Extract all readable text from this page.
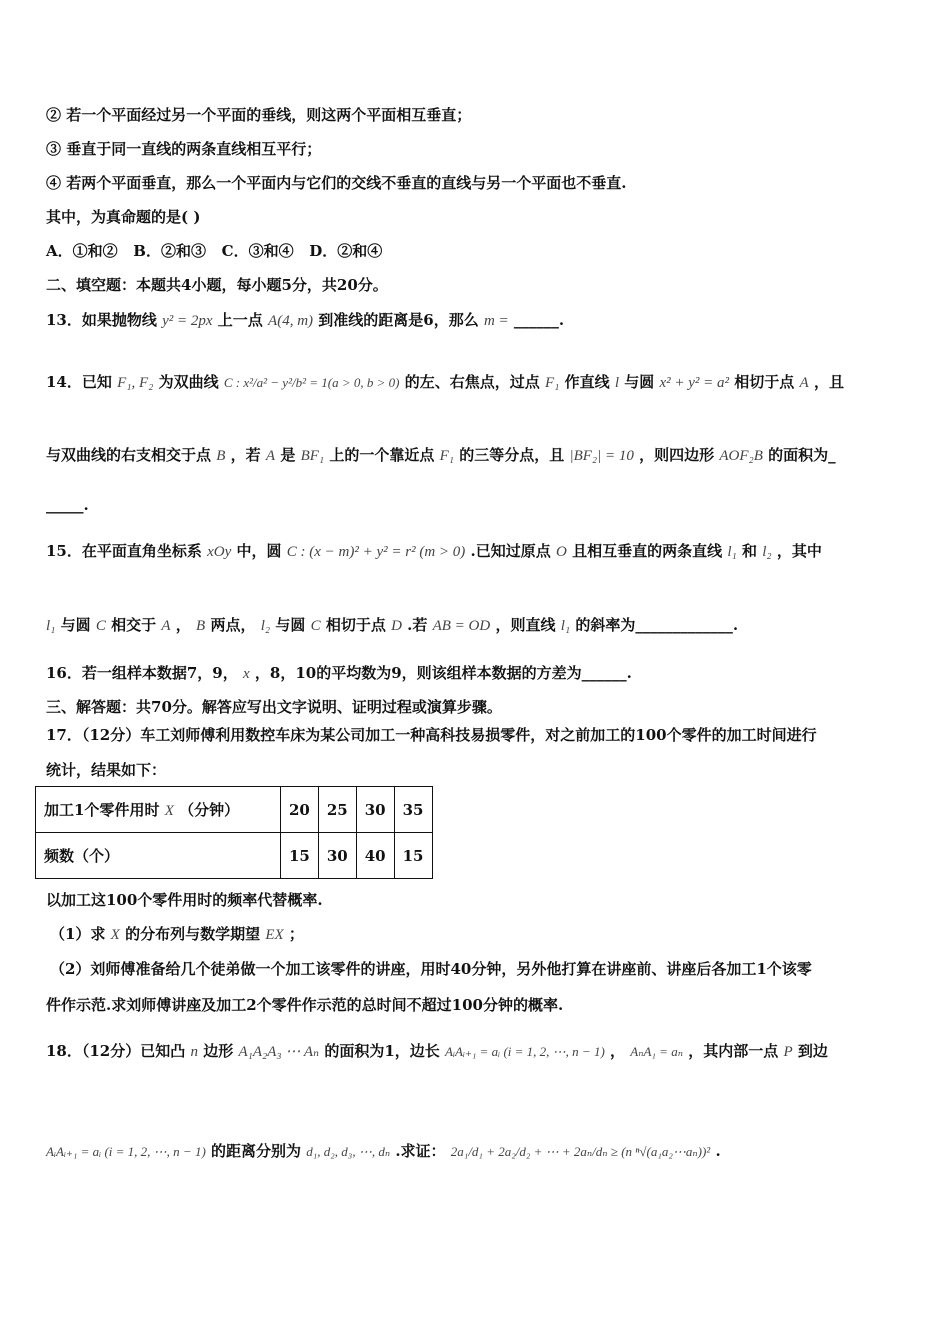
② 若一个平面经过另一个平面的垂线，则这两个平面相互垂直；
③ 垂直于同一直线的两条直线相互平行；
④ 若两个平面垂直，那么一个平面内与它们的交线不垂直的直线与另一个平面也不垂直.
其中，为真命题的是( )
A．①和②   B．②和③   C．③和④   D．②和④
二、填空题：本题共4小题，每小题5分，共20分。
13．如果抛物线 y² = 2px 上一点 A(4, m) 到准线的距离是6，那么 m = ______.
14．已知 F₁, F₂ 为双曲线 C : x²/a² − y²/b² = 1(a > 0, b > 0) 的左、右焦点，过点 F₁ 作直线 l 与圆 x² + y² = a² 相切于点 A ，且
与双曲线的右支相交于点 B ，若 A 是 BF₁ 上的一个靠近点 F₁ 的三等分点，且 |BF₂| = 10 ，则四边形 AOF₂B 的面积为_
_____.
15．在平面直角坐标系 xOy 中，圆 C : (x − m)² + y² = r² (m > 0) .已知过原点 O 且相互垂直的两条直线 l₁ 和 l₂ ，其中
l₁ 与圆 C 相交于 A ， B 两点， l₂ 与圆 C 相切于点 D .若 AB = OD ，则直线 l₁ 的斜率为_____________.
16．若一组样本数据7，9， x ，8，10的平均数为9，则该组样本数据的方差为______.
三、解答题：共70分。解答应写出文字说明、证明过程或演算步骤。
17．（12分）车工刘师傅利用数控车床为某公司加工一种高科技易损零件，对之前加工的100个零件的加工时间进行
统计，结果如下：
加工1个零件用时 X （分钟）	20	25	30	35
频数（个）	15	30	40	15
以加工这100个零件用时的频率代替概率.
（1）求 X 的分布列与数学期望 EX ；
（2）刘师傅准备给几个徒弟做一个加工该零件的讲座，用时40分钟，另外他打算在讲座前、讲座后各加工1个该零
件作示范.求刘师傅讲座及加工2个零件作示范的总时间不超过100分钟的概率.
18．（12分）已知凸 n 边形 A₁A₂A₃ ⋯ Aₙ 的面积为1，边长 AᵢAᵢ₊₁ = aᵢ (i = 1, 2, ⋯, n − 1) ， AₙA₁ = aₙ ，其内部一点 P 到边
AᵢAᵢ₊₁ = aᵢ (i = 1, 2, ⋯, n − 1) 的距离分别为 d₁, d₂, d₃, ⋯, dₙ .求证： 2a₁/d₁ + 2a₂/d₂ + ⋯ + 2aₙ/dₙ ≥ (n ⁿ√(a₁a₂⋯aₙ))² .
